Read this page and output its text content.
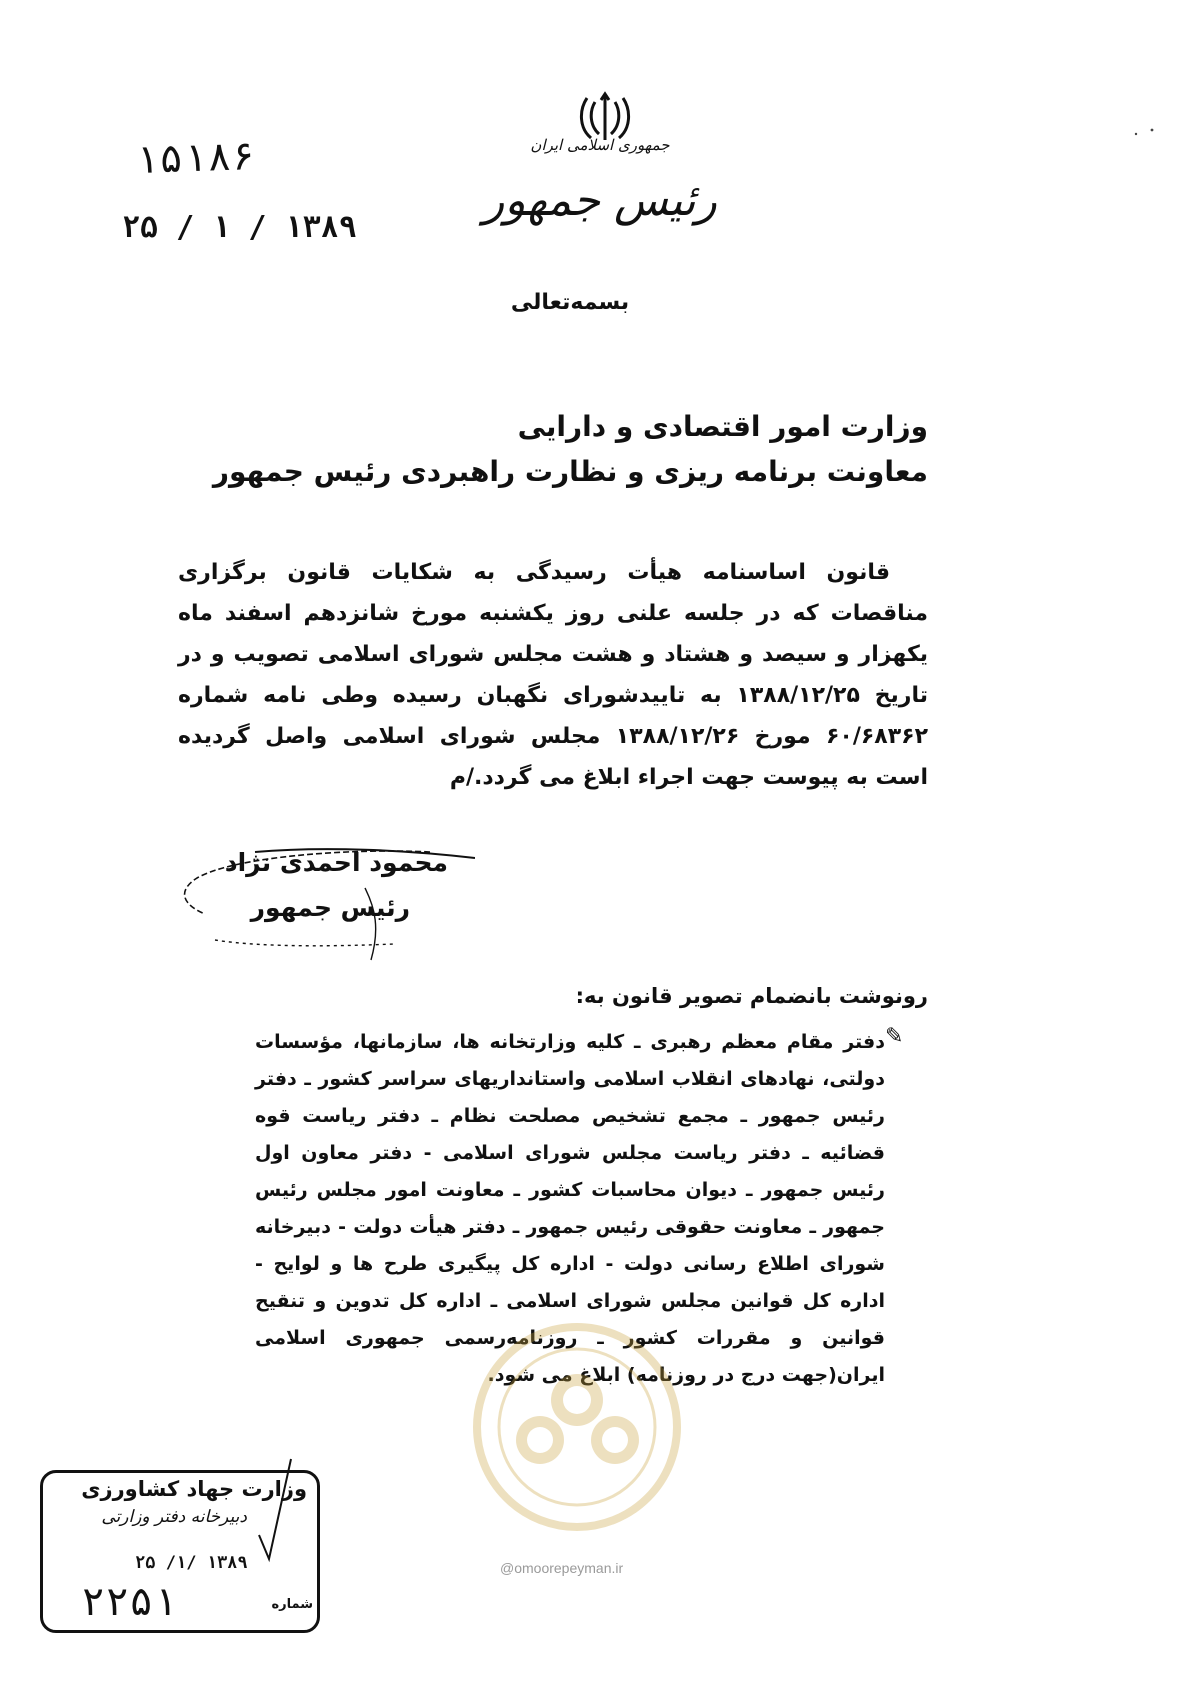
جمهوری اسلامی ایران
رئیس جمهور
۱۵۱۸۶
۱۳۸۹ / ۱ / ۲۵
بسمه‌تعالی
وزارت امور اقتصادی و دارایی
معاونت برنامه ریزی و نظارت راهبردی رئیس جمهور

قانون اساسنامه هیأت رسیدگی به شکایات قانون برگزاری مناقصات که در جلسه علنی روز یکشنبه مورخ شانزدهم اسفند ماه یکهزار و سیصد و هشتاد و هشت مجلس شورای اسلامی تصویب و در تاریخ ۱۳۸۸/۱۲/۲۵ به تاییدشورای نگهبان رسیده وطی نامه شماره ۶۰/۶۸۳۶۲ مورخ ۱۳۸۸/۱۲/۲۶ مجلس شورای اسلامی واصل گردیده است به پیوست جهت اجراء ابلاغ می گردد./م

محمود احمدی نژاد
رئیس جمهور
رونوشت بانضمام تصویر قانون به:
✎

دفتر مقام معظم رهبری ـ کلیه وزارتخانه ها، سازمانها، مؤسسات دولتی، نهادهای انقلاب اسلامی واستانداریهای سراسر کشور ـ دفتر رئیس جمهور ـ مجمع تشخیص مصلحت نظام ـ دفتر ریاست قوه قضائیه ـ دفتر ریاست مجلس شورای اسلامی - دفتر معاون اول رئیس جمهور ـ دیوان محاسبات کشور ـ معاونت امور مجلس رئیس جمهور ـ معاونت حقوقی رئیس جمهور ـ دفتر هیأت دولت - دبیرخانه شورای اطلاع رسانی دولت - اداره کل پیگیری طرح ها و لوایح - اداره کل قوانین مجلس شورای اسلامی ـ اداره کل تدوین و تنقیح قوانین و مقررات کشور ـ روزنامه‌رسمی جمهوری اسلامی ایران(جهت درج در روزنامه) ابلاغ می شود.

@omoorepeyman.ir
وزارت جهاد کشاورزی
دبیرخانه دفتر وزارتی
۱۳۸۹ /۱/ ۲۵
۲۲۵۱	شماره
